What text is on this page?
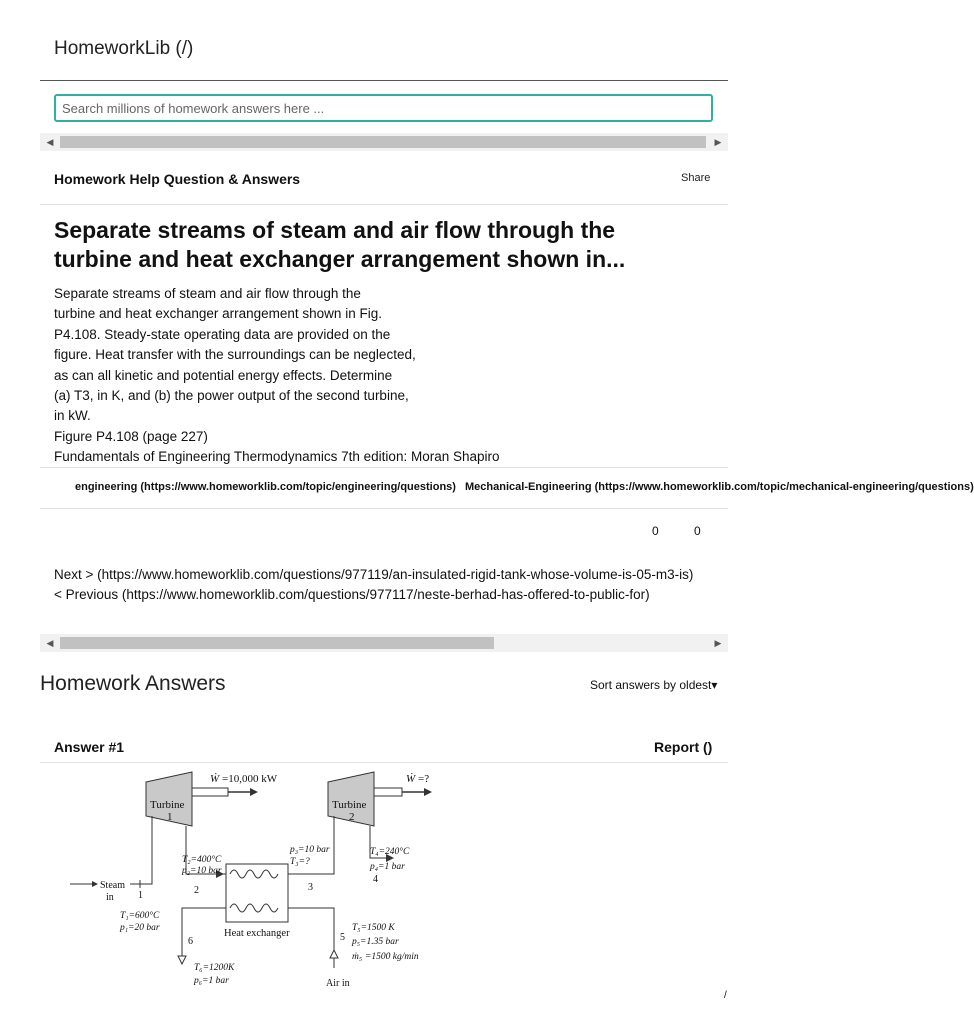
HomeworkLib (/)
Search millions of homework answers here ...
◀	▶
Homework Help Question & Answers	Share
Separate streams of steam and air flow through the
turbine and heat exchanger arrangement shown in...
Separate streams of steam and air flow through the
turbine and heat exchanger arrangement shown in Fig.
P4.108. Steady-state operating data are provided on the
figure. Heat transfer with the surroundings can be neglected,
as can all kinetic and potential energy effects. Determine
(a) T3, in K, and (b) the power output of the second turbine,
in kW.
Figure P4.108 (page 227)
Fundamentals of Engineering Thermodynamics 7th edition: Moran Shapiro
engineering (https://www.homeworklib.com/topic/engineering/questions) Mechanical-Engineering (https://www.homeworklib.com/topic/mechanical-engineering/questions)
0	0
Next > (https://www.homeworklib.com/questions/977119/an-insulated-rigid-tank-whose-volume-is-05-m3-is)
< Previous (https://www.homeworklib.com/questions/977117/neste-berhad-has-offered-to-public-for)
◀	▶
Homework Answers	Sort answers by oldest▾
Answer #1	Report ()
Turbine
1
Ẇ =10,000 kW
Turbine
2
Ẇ =?
Heat exchanger
Steam
in 1
T₁=600°C
p₁=20 bar
T₂=400°C
p₂=10 bar
2
p₃=10 bar
T₃=?
3
T₄=240°C
p₄=1 bar
4
Air in
5
T₅=1500 K
p₅=1.35 bar
ṁ₅ =1500 kg/min
6
T₆=1200K
p₆=1 bar
/
